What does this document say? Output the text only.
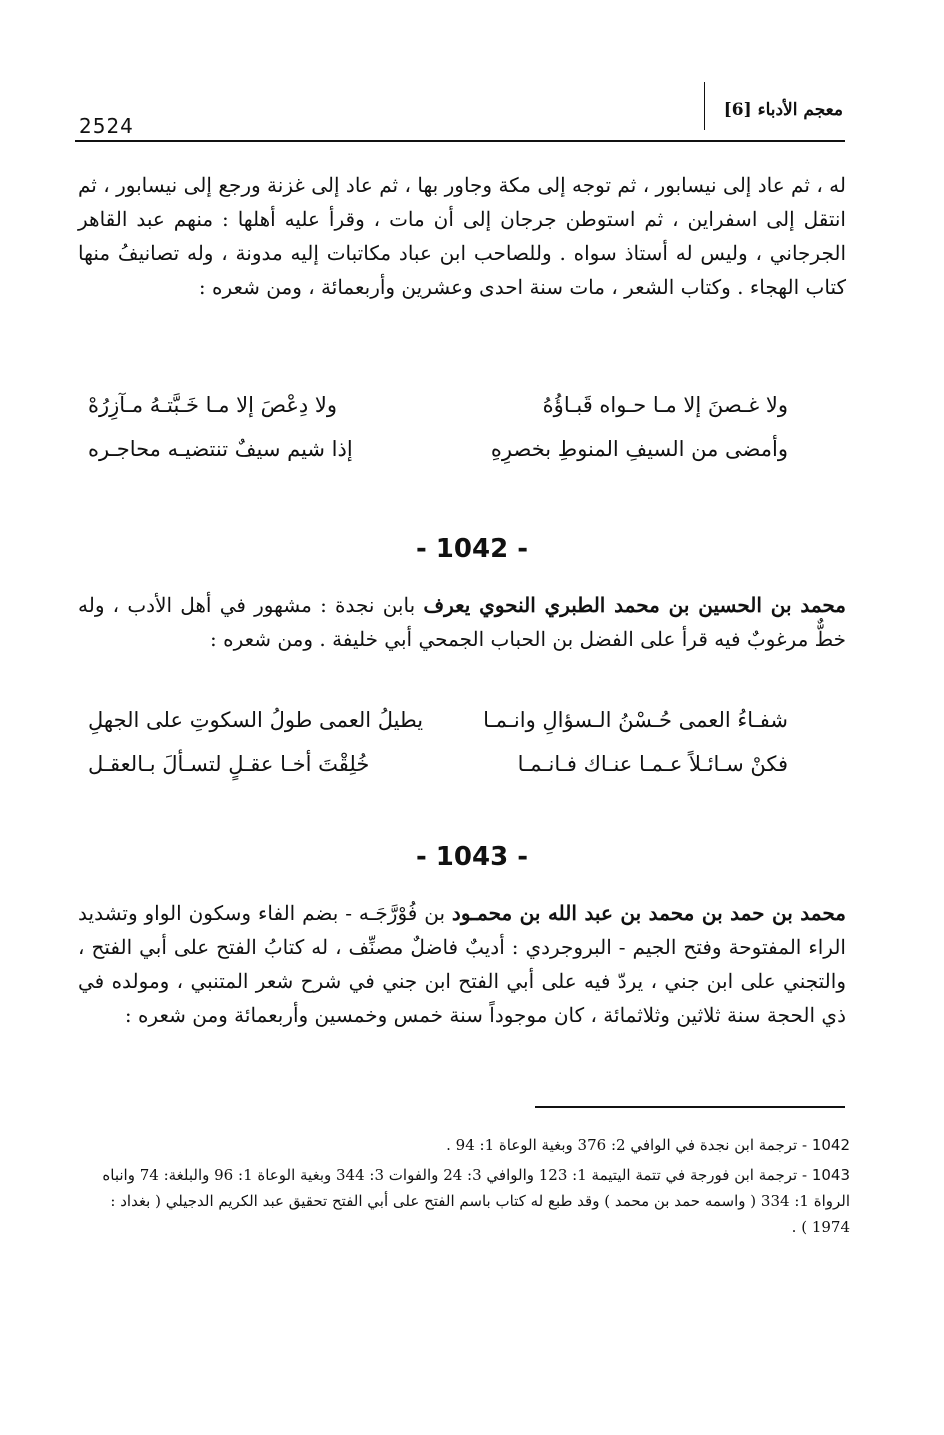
2524
معجم الأدباء [6]
له ، ثم عاد إلى نيسابور ، ثم توجه إلى مكة وجاور بها ، ثم عاد إلى غزنة ورجع إلى نيسابور ، ثم انتقل إلى اسفراين ، ثم استوطن جرجان إلى أن مات ، وقرأ عليه أهلها : منهم عبد القاهر الجرجاني ، وليس له أستاذ سواه . وللصاحب ابن عباد مكاتبات إليه مدونة ، وله تصانيفُ منها كتاب الهجاء . وكتاب الشعر ، مات سنة احدى وعشرين وأربعمائة ، ومن شعره :
ولا غـصنَ إلا مـا حـواه قَبـاؤُهُ
ولا دِعْصَ إلا مـا خَـبَّتـهُ مـآزِرُهْ
وأمضى من السيفِ المنوطِ بخصرِهِ
إذا شيم سيفٌ تنتضيـه محاجـره
- 1042 -
محمد بن الحسين بن محمد الطبري النحوي يعرف بابن نجدة : مشهور في أهل الأدب ، وله خطٌّ مرغوبٌ فيه قرأ على الفضل بن الحباب الجمحي أبي خليفة . ومن شعره :
شفـاءُ العمى حُـسْنُ الـسؤالِ وانـمـا
يطيلُ العمى طولُ السكوتِ على الجهلِ
فكنْ سـائـلاً عـمـا عنـاك فـانـمـا
خُلِقْتَ أخـا عقـلٍ لتسـألَ بـالعقـل
- 1043 -
محمد بن حمد بن محمد بن عبد الله بن محمـود بن فُوْرَّجَـه - بضم الفاء وسكون الواو وتشديد الراء المفتوحة وفتح الجيم - البروجردي : أديبٌ فاضلٌ مصنِّف ، له كتابُ الفتح على أبي الفتح ، والتجني على ابن جني ، يردّ فيه على أبي الفتح ابن جني في شرح شعر المتنبي ، ومولده في ذي الحجة سنة ثلاثين وثلاثمائة ، كان موجوداً سنة خمس وخمسين وأربعمائة ومن شعره :
1042 - ترجمة ابن نجدة في الوافي 2: 376 وبغية الوعاة 1: 94 .
1043 - ترجمة ابن فورجة في تتمة اليتيمة 1: 123 والوافي 3: 24 والفوات 3: 344 وبغية الوعاة 1: 96 والبلغة: 74 وانباه الرواة 1: 334 ( واسمه حمد بن محمد ) وقد طبع له كتاب باسم الفتح على أبي الفتح تحقيق عبد الكريم الدجيلي ( بغداد : 1974 ) .
